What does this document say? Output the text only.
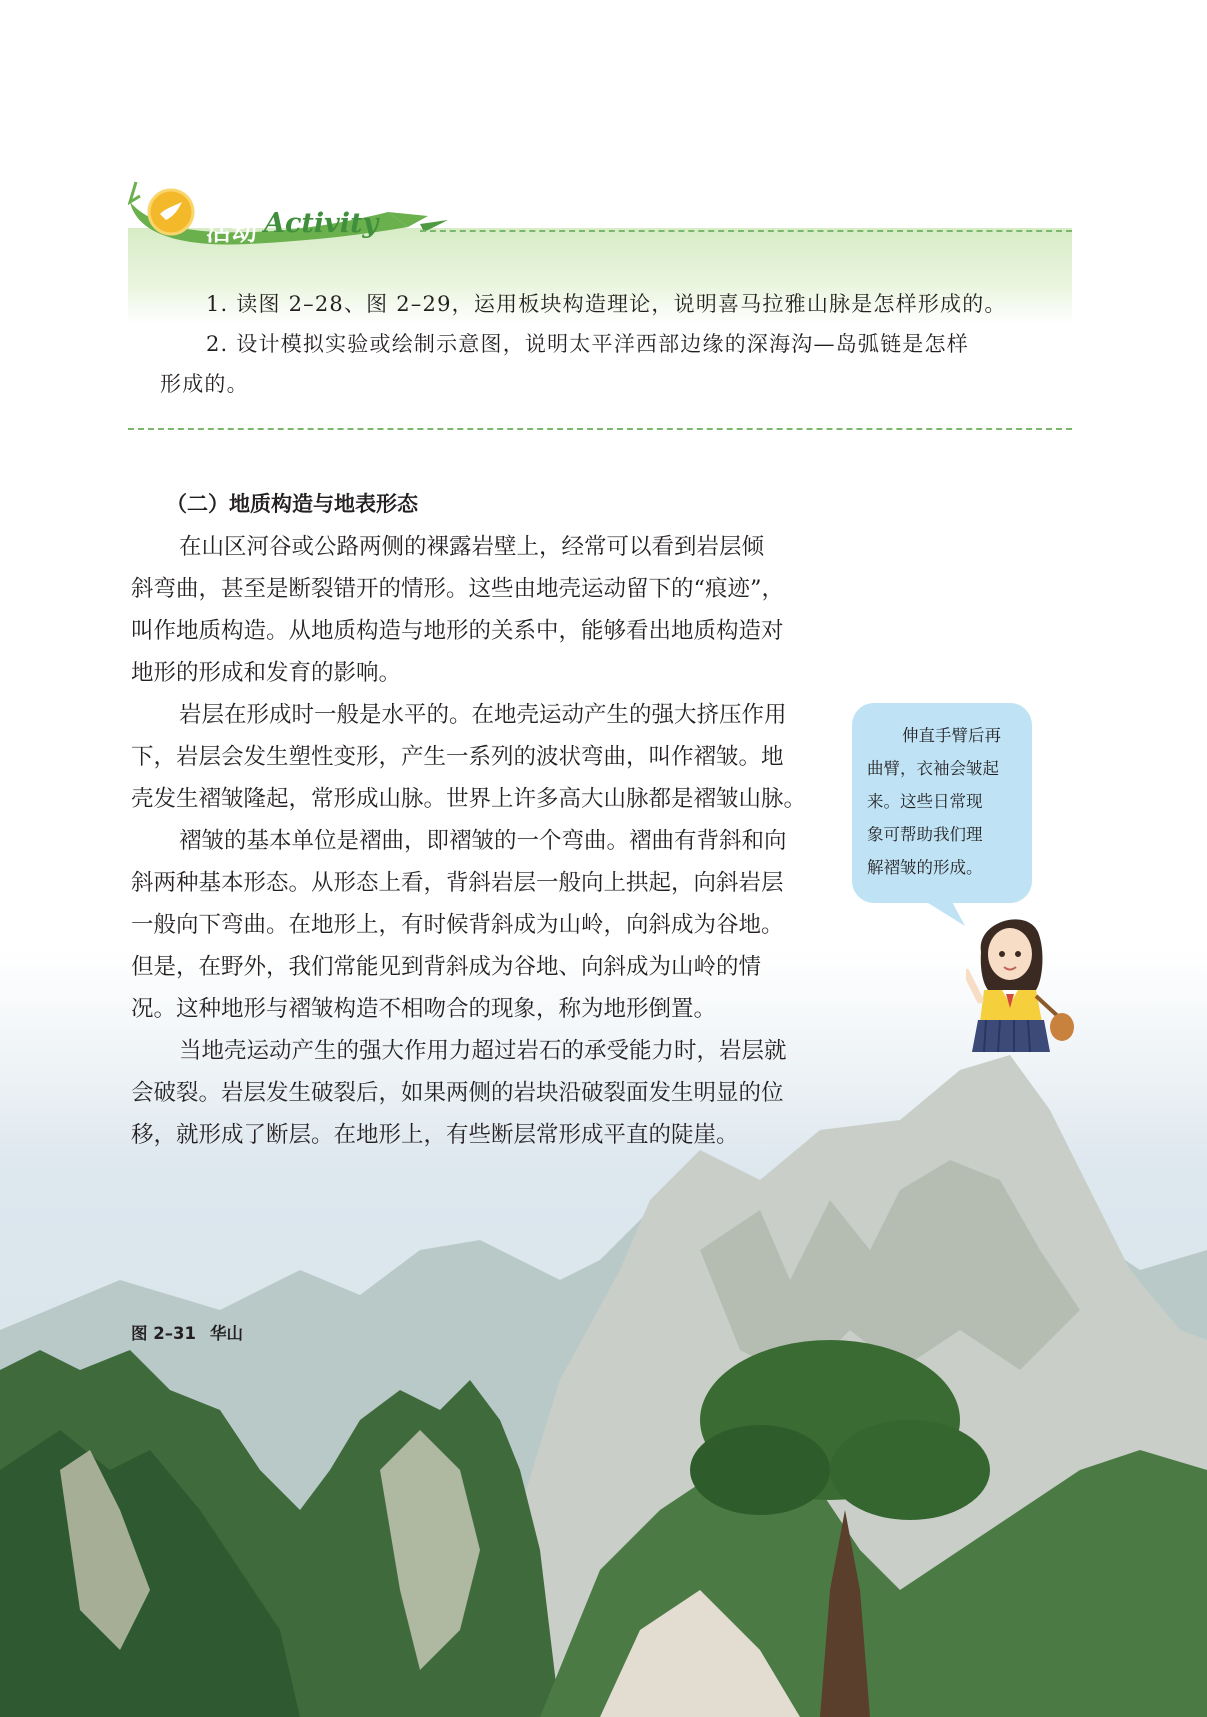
活动 Activity
1. 读图 2–28、图 2–29，运用板块构造理论，说明喜马拉雅山脉是怎样形成的。
2. 设计模拟实验或绘制示意图，说明太平洋西部边缘的深海沟—岛弧链是怎样
形成的。
（二）地质构造与地表形态
在山区河谷或公路两侧的裸露岩壁上，经常可以看到岩层倾
斜弯曲，甚至是断裂错开的情形。这些由地壳运动留下的“痕迹”，
叫作地质构造。从地质构造与地形的关系中，能够看出地质构造对
地形的形成和发育的影响。
岩层在形成时一般是水平的。在地壳运动产生的强大挤压作用
下，岩层会发生塑性变形，产生一系列的波状弯曲，叫作褶皱。地
壳发生褶皱隆起，常形成山脉。世界上许多高大山脉都是褶皱山脉。
褶皱的基本单位是褶曲，即褶皱的一个弯曲。褶曲有背斜和向
斜两种基本形态。从形态上看，背斜岩层一般向上拱起，向斜岩层
一般向下弯曲。在地形上，有时候背斜成为山岭，向斜成为谷地。
但是，在野外，我们常能见到背斜成为谷地、向斜成为山岭的情
况。这种地形与褶皱构造不相吻合的现象，称为地形倒置。
当地壳运动产生的强大作用力超过岩石的承受能力时，岩层就
会破裂。岩层发生破裂后，如果两侧的岩块沿破裂面发生明显的位
移，就形成了断层。在地形上，有些断层常形成平直的陡崖。
伸直手臂后再
曲臂，衣袖会皱起
来。这些日常现
象可帮助我们理
解褶皱的形成。
图 2–31 华山
